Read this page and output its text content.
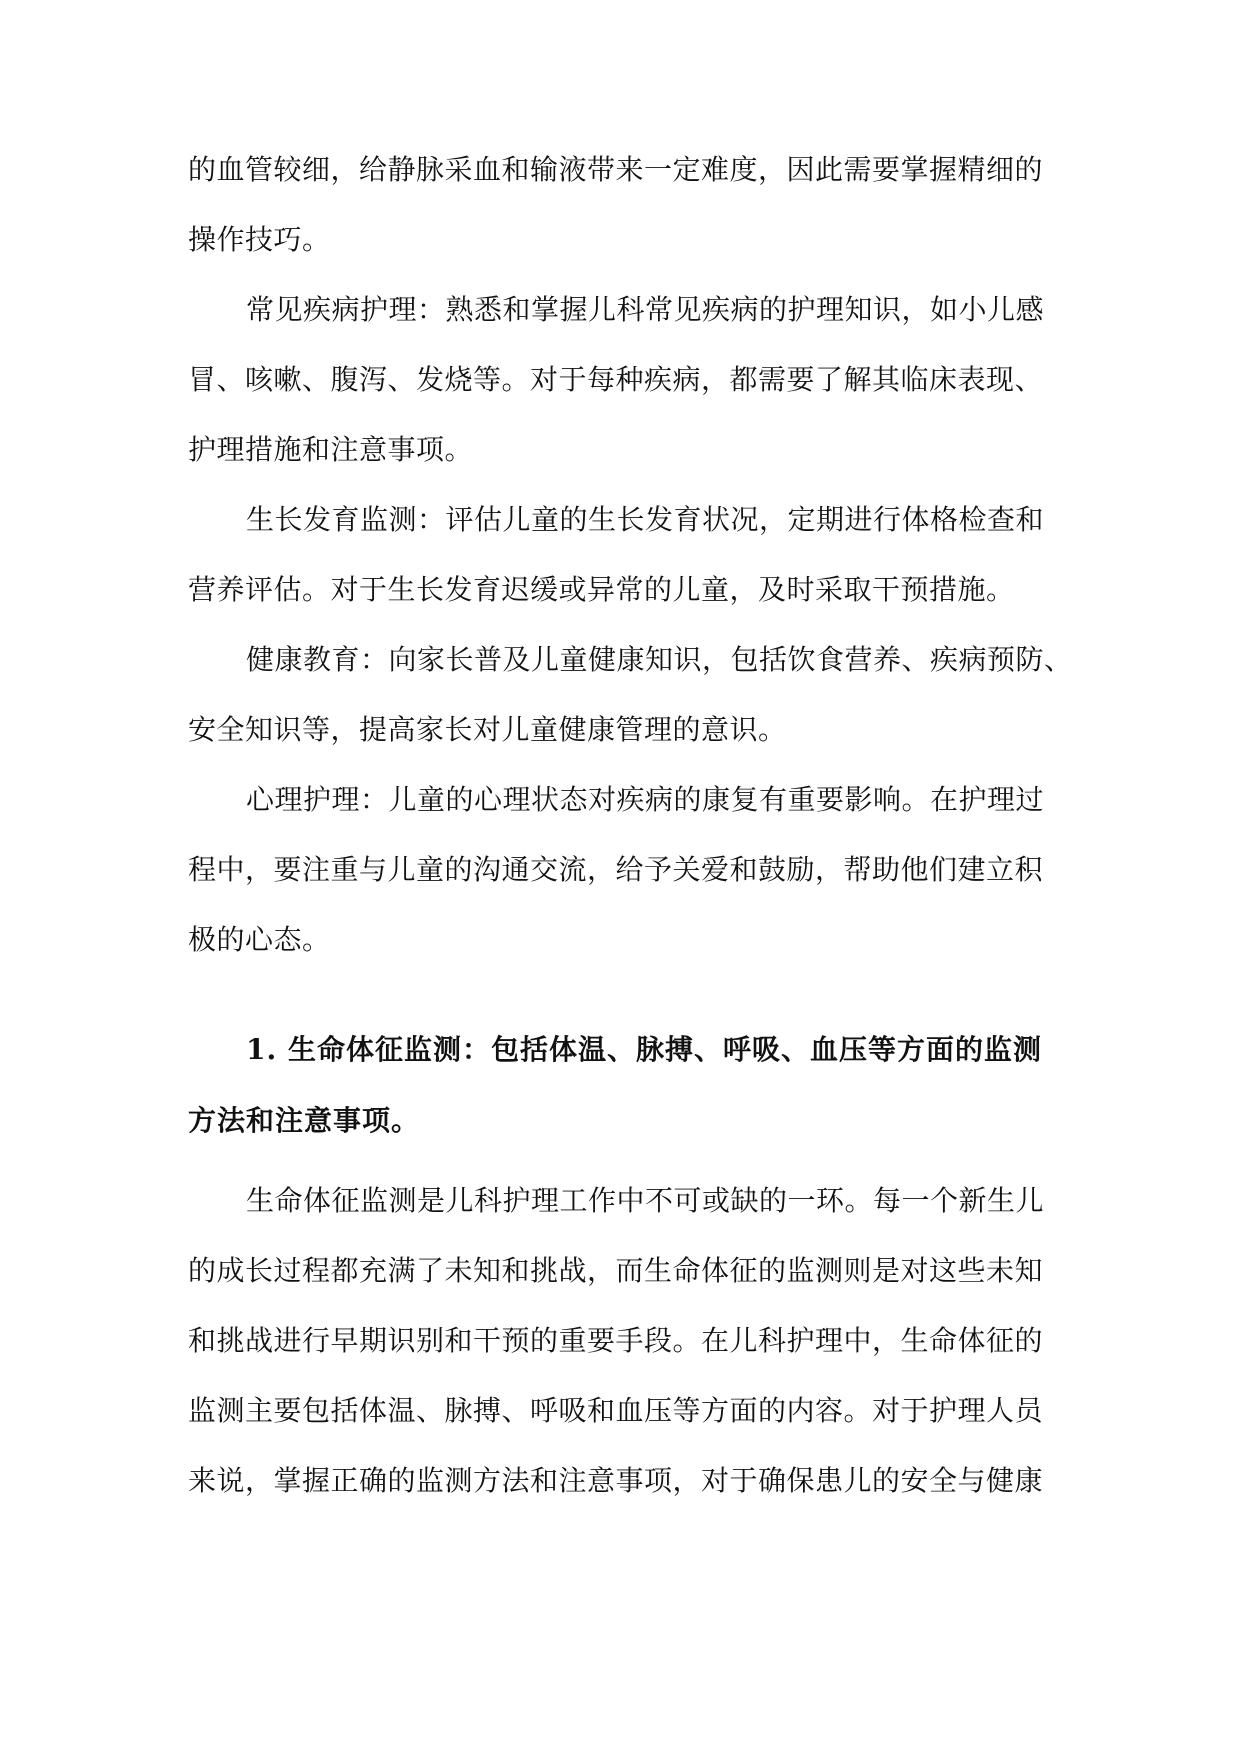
的血管较细，给静脉采血和输液带来一定难度，因此需要掌握精细的
操作技巧。
常见疾病护理：熟悉和掌握儿科常见疾病的护理知识，如小儿感
冒、咳嗽、腹泻、发烧等。对于每种疾病，都需要了解其临床表现、
护理措施和注意事项。
生长发育监测：评估儿童的生长发育状况，定期进行体格检查和
营养评估。对于生长发育迟缓或异常的儿童，及时采取干预措施。
健康教育：向家长普及儿童健康知识，包括饮食营养、疾病预防、
安全知识等，提高家长对儿童健康管理的意识。
心理护理：儿童的心理状态对疾病的康复有重要影响。在护理过
程中，要注重与儿童的沟通交流，给予关爱和鼓励，帮助他们建立积
极的心态。
1. 生命体征监测：包括体温、脉搏、呼吸、血压等方面的监测
方法和注意事项。
生命体征监测是儿科护理工作中不可或缺的一环。每一个新生儿
的成长过程都充满了未知和挑战，而生命体征的监测则是对这些未知
和挑战进行早期识别和干预的重要手段。在儿科护理中，生命体征的
监测主要包括体温、脉搏、呼吸和血压等方面的内容。对于护理人员
来说，掌握正确的监测方法和注意事项，对于确保患儿的安全与健康
